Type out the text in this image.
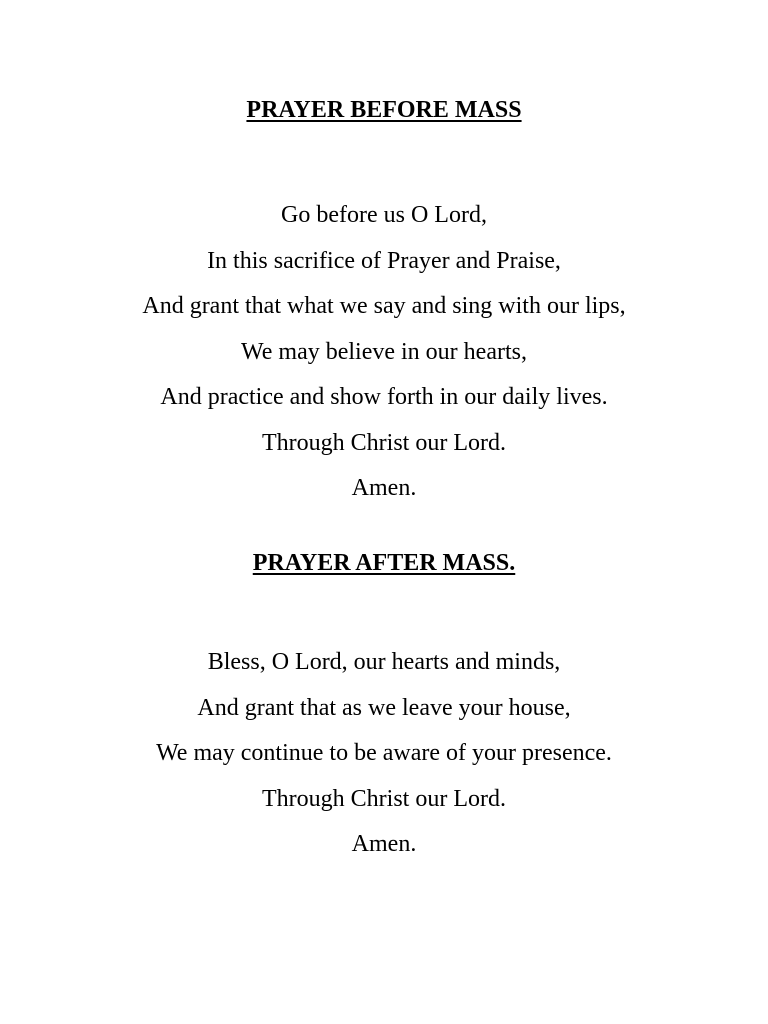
PRAYER BEFORE MASS
Go before us O Lord,
In this sacrifice of Prayer and Praise,
And grant that what we say and sing with our lips,
We may believe in our hearts,
And practice and show forth in our daily lives.
Through Christ our Lord.
Amen.
PRAYER AFTER MASS.
Bless, O Lord, our hearts and minds,
And grant that as we leave your house,
We may continue to be aware of your presence.
Through Christ our Lord.
Amen.
